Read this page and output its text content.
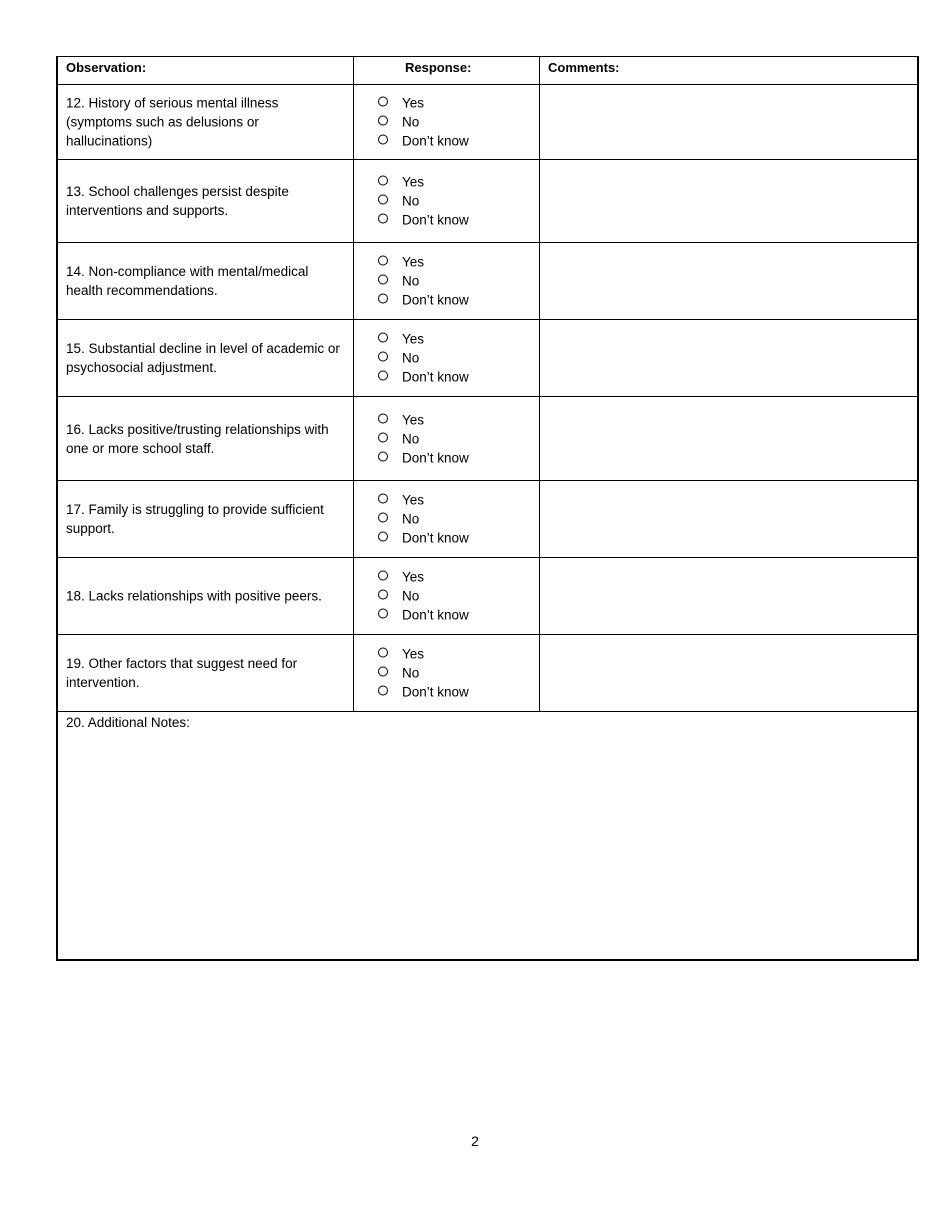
Observation:	Response:	Comments:
12. History of serious mental illness (symptoms such as delusions or hallucinations)
Yes
No
Don’t know
13. School challenges persist despite interventions and supports.
Yes
No
Don’t know
14. Non-compliance with mental/medical health recommendations.
Yes
No
Don’t know
15. Substantial decline in level of academic or psychosocial adjustment.
Yes
No
Don’t know
16. Lacks positive/trusting relationships with one or more school staff.
Yes
No
Don’t know
17. Family is struggling to provide sufficient support.
Yes
No
Don’t know
18. Lacks relationships with positive peers.
Yes
No
Don’t know
19. Other factors that suggest need for intervention.
Yes
No
Don’t know
20. Additional Notes:
2
